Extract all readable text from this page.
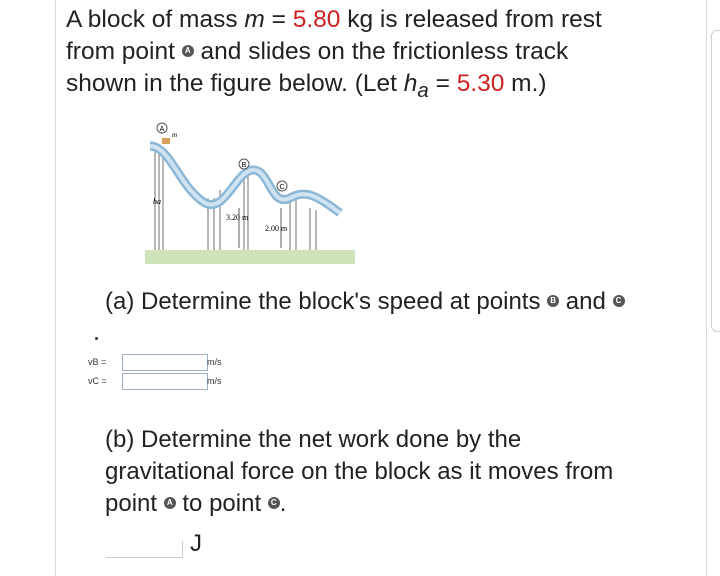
A block of mass m = 5.80 kg is released from rest
from point A and slides on the frictionless track
shown in the figure below. (Let $h_a = 5.30$ m.)
A
m
B
C
ha
3.20 m
2.00 m
(a) Determine the block's speed at points B and C
vB =	m/s
vC =	m/s
(b) Determine the net work done by the
gravitational force on the block as it moves from
point A to point C .
J
